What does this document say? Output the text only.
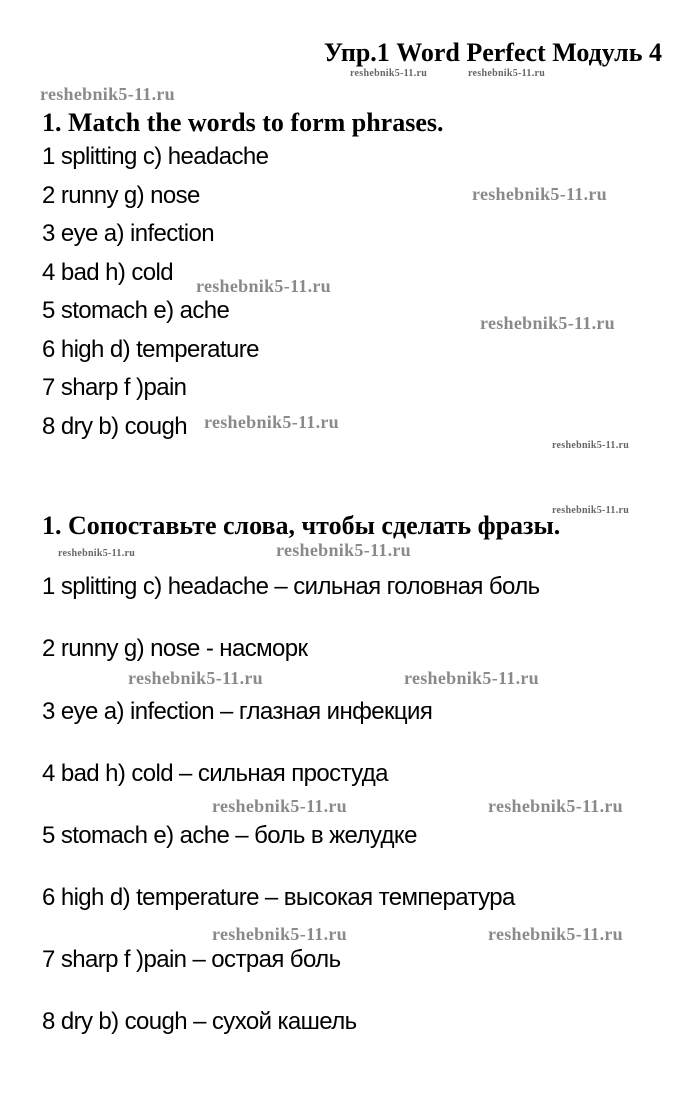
Упр.1 Word Perfect Модуль 4
1. Match the words to form phrases.
1 splitting c) headache
2 runny g) nose
3 eye a) infection
4 bad h) cold
5 stomach e) ache
6 high d) temperature
7 sharp f )pain
8 dry b) cough
1. Сопоставьте слова, чтобы сделать фразы.
1 splitting c) headache – сильная головная боль
2 runny g) nose - насморк
3 eye a) infection – глазная инфекция
4 bad h) cold – сильная простуда
5 stomach e) ache – боль в желудке
6 high d) temperature – высокая температура
7 sharp f )pain – острая боль
8 dry b) cough – сухой кашель
reshebnik5-11.ru	reshebnik5-11.ru
reshebnik5-11.ru
reshebnik5-11.ru
reshebnik5-11.ru
reshebnik5-11.ru
reshebnik5-11.ru
reshebnik5-11.ru
reshebnik5-11.ru
reshebnik5-11.ru	reshebnik5-11.ru
reshebnik5-11.ru	reshebnik5-11.ru
reshebnik5-11.ru	reshebnik5-11.ru
reshebnik5-11.ru	reshebnik5-11.ru
